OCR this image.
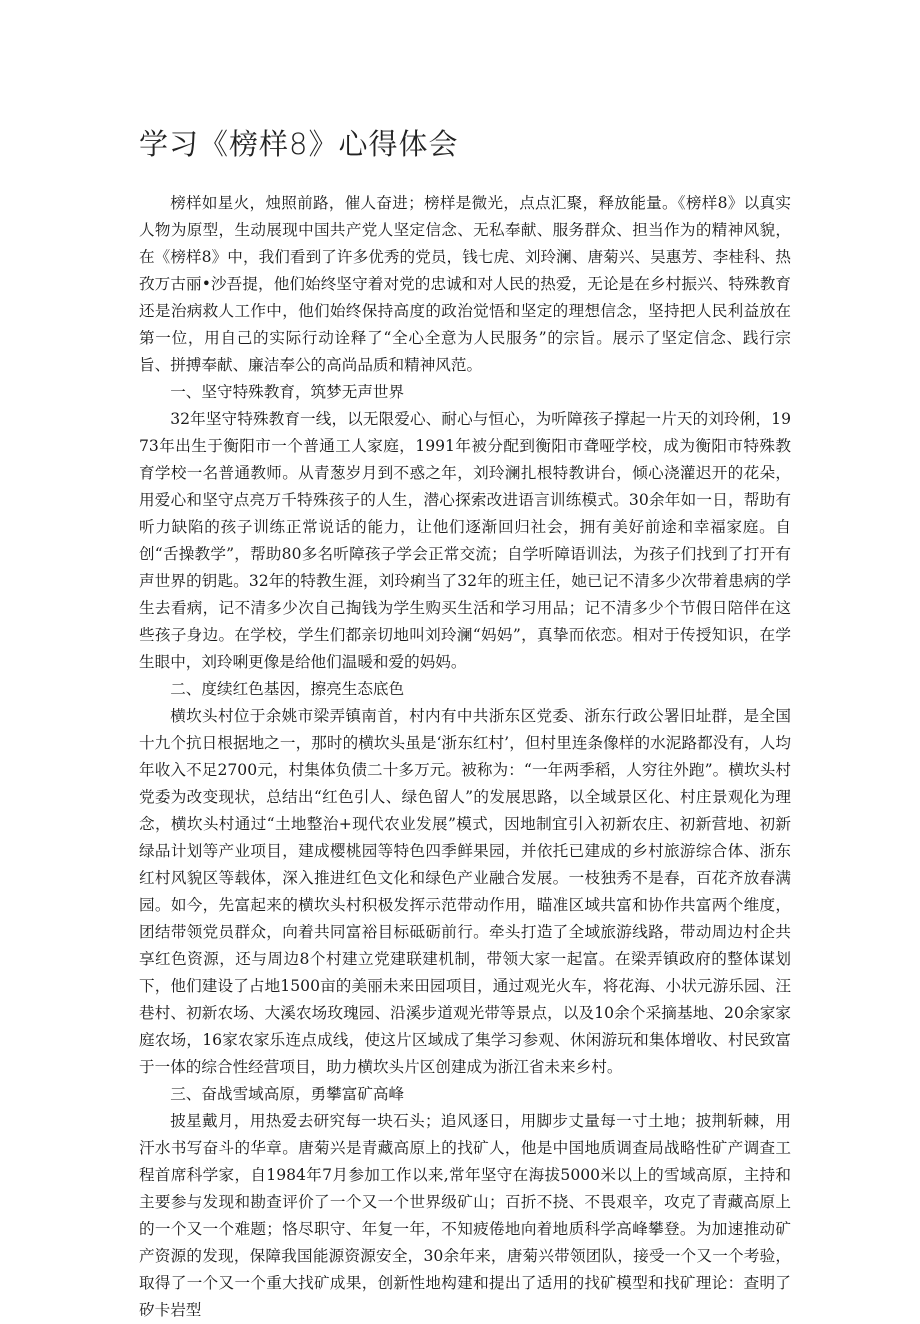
学习《榜样8》心得体会

榜样如星火，烛照前路，催人奋进；榜样是微光，点点汇聚，释放能量。《榜样8》以真实人物为原型，生动展现中国共产党人坚定信念、无私奉献、服务群众、担当作为的精神风貌，在《榜样8》中，我们看到了许多优秀的党员，钱七虎、刘玲澜、唐菊兴、吴惠芳、李桂科、热孜万古丽•沙吾提，他们始终坚守着对党的忠诚和对人民的热爱，无论是在乡村振兴、特殊教育还是治病救人工作中，他们始终保持高度的政治觉悟和坚定的理想信念，坚持把人民利益放在第一位，用自己的实际行动诠释了“全心全意为人民服务”的宗旨。展示了坚定信念、践行宗旨、拼搏奉献、廉洁奉公的高尚品质和精神风范。

一、坚守特殊教育，筑梦无声世界

32年坚守特殊教育一线，以无限爱心、耐心与恒心，为听障孩子撑起一片天的刘玲俐，1973年出生于衡阳市一个普通工人家庭，1991年被分配到衡阳市聋哑学校，成为衡阳市特殊教育学校一名普通教师。从青葱岁月到不惑之年，刘玲澜扎根特教讲台，倾心浇灌迟开的花朵，用爱心和坚守点亮万千特殊孩子的人生，潜心探索改进语言训练模式。30余年如一日，帮助有听力缺陷的孩子训练正常说话的能力，让他们逐渐回归社会，拥有美好前途和幸福家庭。自创“舌操教学”，帮助80多名听障孩子学会正常交流；自学听障语训法，为孩子们找到了打开有声世界的钥匙。32年的特教生涯，刘玲痢当了32年的班主任，她已记不清多少次带着患病的学生去看病，记不清多少次自己掏钱为学生购买生活和学习用品；记不清多少个节假日陪伴在这些孩子身边。在学校，学生们都亲切地叫刘玲澜“妈妈”，真挚而依恋。相对于传授知识，在学生眼中，刘玲唎更像是给他们温暖和爱的妈妈。

二、度续红色基因，擦亮生态底色

横坎头村位于余姚市梁弄镇南首，村内有中共浙东区党委、浙东行政公署旧址群，是全国十九个抗日根据地之一，那时的横坎头虽是‘浙东红村’，但村里连条像样的水泥路都没有，人均年收入不足2700元，村集体负债二十多万元。被称为：“一年两季稻，人穷往外跑”。横坎头村党委为改变现状，总结出“红色引人、绿色留人”的发展思路，以全域景区化、村庄景观化为理念，横坎头村通过“土地整治+现代农业发展”模式，因地制宜引入初新农庄、初新营地、初新绿品计划等产业项目，建成樱桃园等特色四季鲜果园，并依托已建成的乡村旅游综合体、浙东红村风貌区等载体，深入推进红色文化和绿色产业融合发展。一枝独秀不是春，百花齐放春满园。如今，先富起来的横坎头村积极发挥示范带动作用，瞄准区域共富和协作共富两个维度，团结带领党员群众，向着共同富裕目标砥砺前行。牵头打造了全域旅游线路，带动周边村企共享红色资源，还与周边8个村建立党建联建机制，带领大家一起富。在梁弄镇政府的整体谋划下，他们建设了占地1500亩的美丽未来田园项目，通过观光火车，将花海、小状元游乐园、汪巷村、初新农场、大溪农场玫瑰园、沿溪步道观光带等景点，以及10余个采摘基地、20余家家庭农场，16家农家乐连点成线，使这片区域成了集学习参观、休闲游玩和集体增收、村民致富于一体的综合性经营项目，助力横坎头片区创建成为浙江省未来乡村。

三、奋战雪域高原，勇攀富矿高峰

披星戴月，用热爱去研究每一块石头；追风逐日，用脚步丈量每一寸土地；披荆斩棘，用汗水书写奋斗的华章。唐菊兴是青藏高原上的找矿人，他是中国地质调查局战略性矿产调查工程首席科学家，自1984年7月参加工作以来,常年坚守在海拔5000米以上的雪域高原，主持和主要参与发现和勘查评价了一个又一个世界级矿山；百折不挠、不畏艰辛，攻克了青藏高原上的一个又一个难题；恪尽职守、年复一年，不知疲倦地向着地质科学高峰攀登。为加速推动矿产资源的发现，保障我国能源资源安全，30余年来，唐菊兴带领团队，接受一个又一个考验，取得了一个又一个重大找矿成果，创新性地构建和提出了适用的找矿模型和找矿理论：查明了矽卡岩型
